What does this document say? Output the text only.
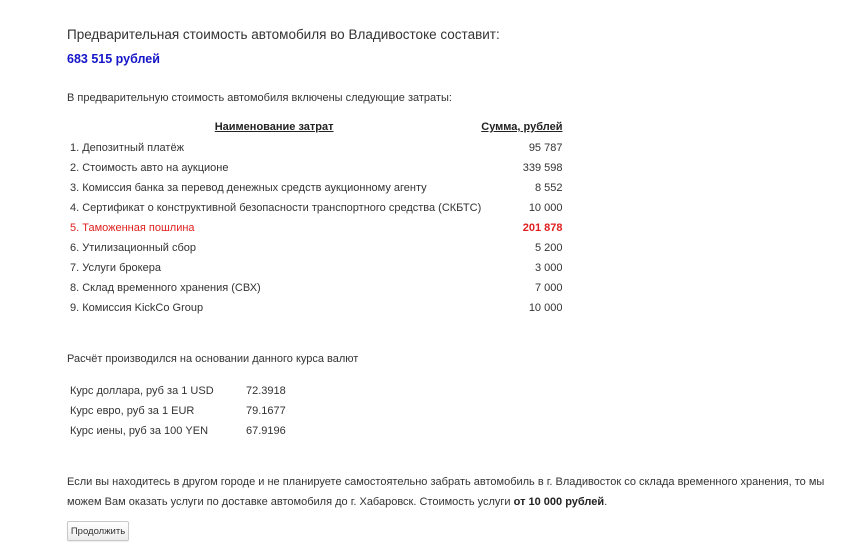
Предварительная стоимость автомобиля во Владивостоке составит:
683 515 рублей
В предварительную стоимость автомобиля включены следующие затраты:
Наименование затрат	Сумма, рублей
1. Депозитный платёж	95 787
2. Стоимость авто на аукционе	339 598
3. Комиссия банка за перевод денежных средств аукционному агенту	8 552
4. Сертификат о конструктивной безопасности транспортного средства (СКБТС)	10 000
5. Таможенная пошлина	201 878
6. Утилизационный сбор	5 200
7. Услуги брокера	3 000
8. Склад временного хранения (СВХ)	7 000
9. Комиссия KickCo Group	10 000
Расчёт производился на основании данного курса валют
Курс доллара, руб за 1 USD	72.3918
Курс евро, руб за 1 EUR	79.1677
Курс иены, руб за 100 YEN	67.9196
Если вы находитесь в другом городе и не планируете самостоятельно забрать автомобиль в г. Владивосток со склада временного хранения, то мы можем Вам оказать услуги по доставке автомобиля до г. Хабаровск. Стоимость услуги от 10 000 рублей.
Продолжить
